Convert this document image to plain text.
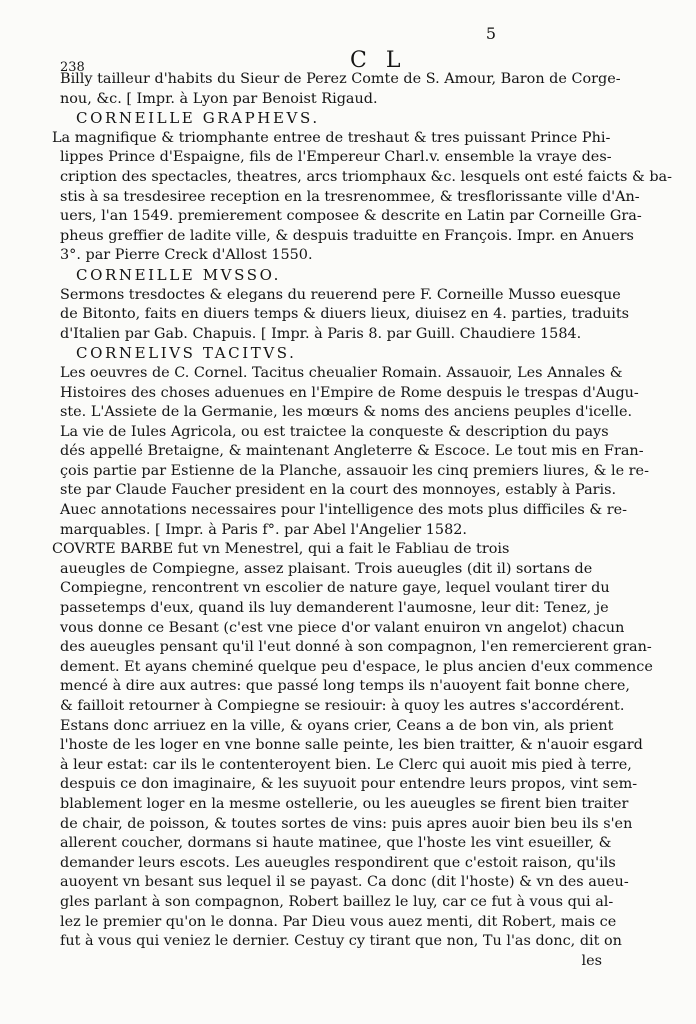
238	C L
5
Billy tailleur d'habits du Sieur de Perez Comte de S. Amour, Baron de Corge-
nou, &c. [ Impr. à Lyon par Benoist Rigaud.
CORNEILLE GRAPHEVS.
La magnifique & triomphante entree de treshaut & tres puissant Prince Phi-
lippes Prince d'Espaigne, fils de l'Empereur Charl.v. ensemble la vraye des-
cription des spectacles, theatres, arcs triomphaux &c. lesquels ont esté faicts & ba-
stis à sa tresdesiree reception en la tresrenommee, & tresflorissante ville d'An-
uers, l'an 1549. premierement composee & descrite en Latin par Corneille Gra-
pheus greffier de ladite ville, & despuis traduitte en François. Impr. en Anuers
3°. par Pierre Creck d'Allost 1550.
CORNEILLE MVSSO.
Sermons tresdoctes & elegans du reuerend pere F. Corneille Musso euesque
de Bitonto, faits en diuers temps & diuers lieux, diuisez en 4. parties, traduits
d'Italien par Gab. Chapuis. [ Impr. à Paris 8. par Guill. Chaudiere 1584.
CORNELIVS TACITVS.
Les oeuvres de C. Cornel. Tacitus cheualier Romain. Assauoir, Les Annales &
Histoires des choses aduenues en l'Empire de Rome despuis le trespas d'Augu-
ste. L'Assiete de la Germanie, les mœurs & noms des anciens peuples d'icelle.
La vie de Iules Agricola, ou est traictee la conqueste & description du pays
dés appellé Bretaigne, & maintenant Angleterre & Escoce. Le tout mis en Fran-
çois partie par Estienne de la Planche, assauoir les cinq premiers liures, & le re-
ste par Claude Faucher president en la court des monnoyes, estably à Paris.
Auec annotations necessaires pour l'intelligence des mots plus difficiles & re-
marquables. [ Impr. à Paris f°. par Abel l'Angelier 1582.
COVRTE BARBE fut vn Menestrel, qui a fait le Fabliau de trois
aueugles de Compiegne, assez plaisant. Trois aueugles (dit il) sortans de
Compiegne, rencontrent vn escolier de nature gaye, lequel voulant tirer du
passetemps d'eux, quand ils luy demanderent l'aumosne, leur dit: Tenez, je
vous donne ce Besant (c'est vne piece d'or valant enuiron vn angelot) chacun
des aueugles pensant qu'il l'eut donné à son compagnon, l'en remercierent gran-
dement. Et ayans cheminé quelque peu d'espace, le plus ancien d'eux commence
mencé à dire aux autres: que passé long temps ils n'auoyent fait bonne chere,
& failloit retourner à Compiegne se resiouir: à quoy les autres s'accordérent.
Estans donc arriuez en la ville, & oyans crier, Ceans a de bon vin, als prient
l'hoste de les loger en vne bonne salle peinte, les bien traitter, & n'auoir esgard
à leur estat: car ils le contenteroyent bien. Le Clerc qui auoit mis pied à terre,
despuis ce don imaginaire, & les suyuoit pour entendre leurs propos, vint sem-
blablement loger en la mesme ostellerie, ou les aueugles se firent bien traiter
de chair, de poisson, & toutes sortes de vins: puis apres auoir bien beu ils s'en
allerent coucher, dormans si haute matinee, que l'hoste les vint esueiller, &
demander leurs escots. Les aueugles respondirent que c'estoit raison, qu'ils
auoyent vn besant sus lequel il se payast. Ca donc (dit l'hoste) & vn des aueu-
gles parlant à son compagnon, Robert baillez le luy, car ce fut à vous qui al-
lez le premier qu'on le donna. Par Dieu vous auez menti, dit Robert, mais ce
fut à vous qui veniez le dernier. Cestuy cy tirant que non, Tu l'as donc, dit on
les
